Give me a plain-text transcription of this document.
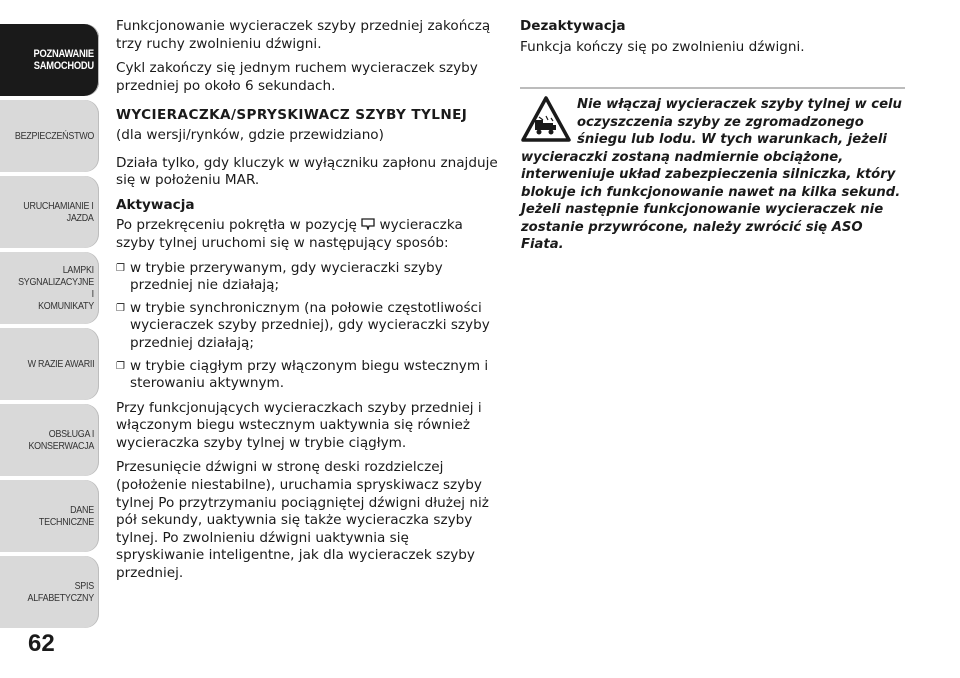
POZNAWANIE
SAMOCHODU
BEZPIECZEŃSTWO
URUCHAMIANIE I
JAZDA
LAMPKI
SYGNALIZACYJNE I
KOMUNIKATY
W RAZIE AWARII
OBSŁUGA I
KONSERWACJA
DANE TECHNICZNE
SPIS ALFABETYCZNY
62

Funkcjonowanie wycieraczek szyby przedniej zakończą trzy ruchy zwolnieniu dźwigni.

Cykl zakończy się jednym ruchem wycieraczek szyby przedniej po około 6 sekundach.

WYCIERACZKA/SPRYSKIWACZ SZYBY TYLNEJ

(dla wersji/rynków, gdzie przewidziano)

Działa tylko, gdy kluczyk w wyłączniku zapłonu znajduje się w położeniu MAR.

Aktywacja

Po przekręceniu pokrętła w pozycję wycieraczka szyby tylnej uruchomi się w następujący sposób:

❐ w trybie przerywanym, gdy wycieraczki szyby przedniej nie działają;
❐ w trybie synchronicznym (na połowie częstotliwości wycieraczek szyby przedniej), gdy wycieraczki szyby przedniej działają;
❐ w trybie ciągłym przy włączonym biegu wstecznym i sterowaniu aktywnym.

Przy funkcjonujących wycieraczkach szyby przedniej i włączonym biegu wstecznym uaktywnia się również wycieraczka szyby tylnej w trybie ciągłym.

Przesunięcie dźwigni w stronę deski rozdzielczej (położenie niestabilne), uruchamia spryskiwacz szyby tylnej Po przytrzymaniu pociągniętej dźwigni dłużej niż pół sekundy, uaktywnia się także wycieraczka szyby tylnej. Po zwolnieniu dźwigni uaktywnia się spryskiwanie inteligentne, jak dla wycieraczek szyby przedniej.

Dezaktywacja

Funkcja kończy się po zwolnieniu dźwigni.

Nie włączaj wycieraczek szyby tylnej w celu oczyszczenia szyby ze zgromadzonego śniegu lub lodu. W tych warunkach, jeżeli wycieraczki zostaną nadmiernie obciążone, interweniuje układ zabezpieczenia silniczka, który blokuje ich funkcjonowanie nawet na kilka sekund. Jeżeli następnie funkcjonowanie wycieraczek nie zostanie przywrócone, należy zwrócić się ASO Fiata.
